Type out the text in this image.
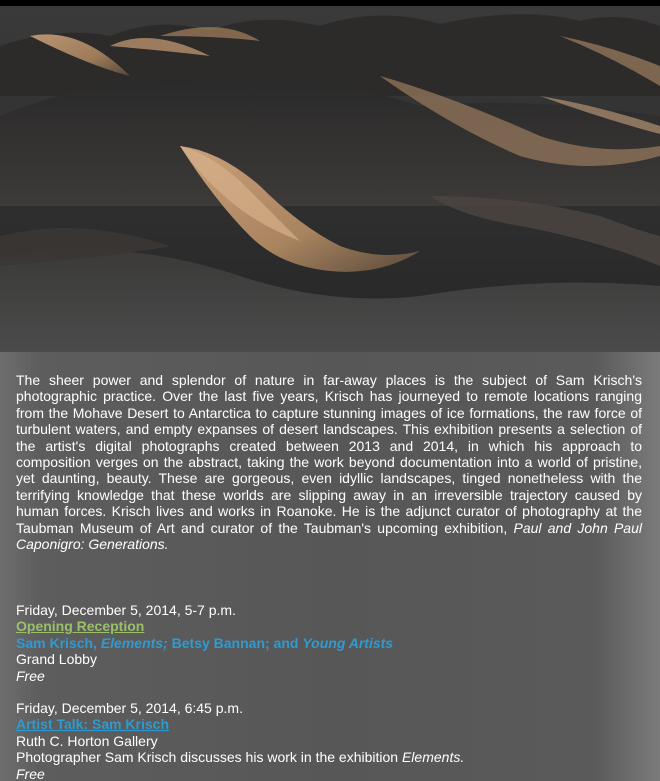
The sheer power and splendor of nature in far-away places is the subject of Sam Krisch's photographic practice. Over the last five years, Krisch has journeyed to remote locations ranging from the Mohave Desert to Antarctica to capture stunning images of ice formations, the raw force of turbulent waters, and empty expanses of desert landscapes. This exhibition presents a selection of the artist's digital photographs created between 2013 and 2014, in which his approach to composition verges on the abstract, taking the work beyond documentation into a world of pristine, yet daunting, beauty. These are gorgeous, even idyllic landscapes, tinged nonetheless with the terrifying knowledge that these worlds are slipping away in an irreversible trajectory caused by human forces. Krisch lives and works in Roanoke. He is the adjunct curator of photography at the Taubman Museum of Art and curator of the Taubman's upcoming exhibition, Paul and John Paul Caponigro: Generations.

Friday, December 5, 2014, 5-7 p.m.
Opening Reception
Sam Krisch, Elements; Betsy Bannan; and Young Artists
Grand Lobby
Free
Friday, December 5, 2014, 6:45 p.m.
Artist Talk: Sam Krisch
Ruth C. Horton Gallery
Photographer Sam Krisch discusses his work in the exhibition Elements.
Free
